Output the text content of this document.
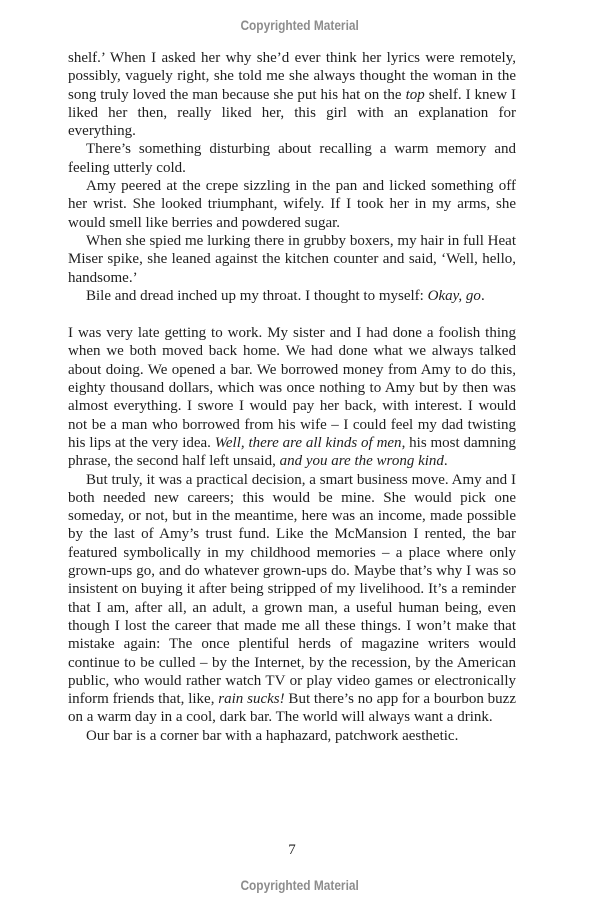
Copyrighted Material

shelf.’ When I asked her why she’d ever think her lyrics were remotely, possibly, vaguely right, she told me she always thought the woman in the song truly loved the man because she put his hat on the top shelf. I knew I liked her then, really liked her, this girl with an explanation for everything.

There’s something disturbing about recalling a warm memory and feeling utterly cold.

Amy peered at the crepe sizzling in the pan and licked something off her wrist. She looked triumphant, wifely. If I took her in my arms, she would smell like berries and powdered sugar.

When she spied me lurking there in grubby boxers, my hair in full Heat Miser spike, she leaned against the kitchen counter and said, ‘Well, hello, handsome.’

Bile and dread inched up my throat. I thought to myself: Okay, go.

I was very late getting to work. My sister and I had done a foolish thing when we both moved back home. We had done what we always talked about doing. We opened a bar. We borrowed money from Amy to do this, eighty thousand dollars, which was once nothing to Amy but by then was almost everything. I swore I would pay her back, with interest. I would not be a man who borrowed from his wife – I could feel my dad twisting his lips at the very idea. Well, there are all kinds of men, his most damning phrase, the second half left unsaid, and you are the wrong kind.

But truly, it was a practical decision, a smart business move. Amy and I both needed new careers; this would be mine. She would pick one someday, or not, but in the meantime, here was an income, made possible by the last of Amy’s trust fund. Like the McMansion I rented, the bar featured symbolically in my childhood memories – a place where only grown-ups go, and do whatever grown-ups do. Maybe that’s why I was so insistent on buying it after being stripped of my livelihood. It’s a reminder that I am, after all, an adult, a grown man, a useful human being, even though I lost the career that made me all these things. I won’t make that mistake again: The once plentiful herds of magazine writers would continue to be culled – by the Internet, by the recession, by the American public, who would rather watch TV or play video games or electronically inform friends that, like, rain sucks! But there’s no app for a bourbon buzz on a warm day in a cool, dark bar. The world will always want a drink.

Our bar is a corner bar with a haphazard, patchwork aesthetic.

7
Copyrighted Material
